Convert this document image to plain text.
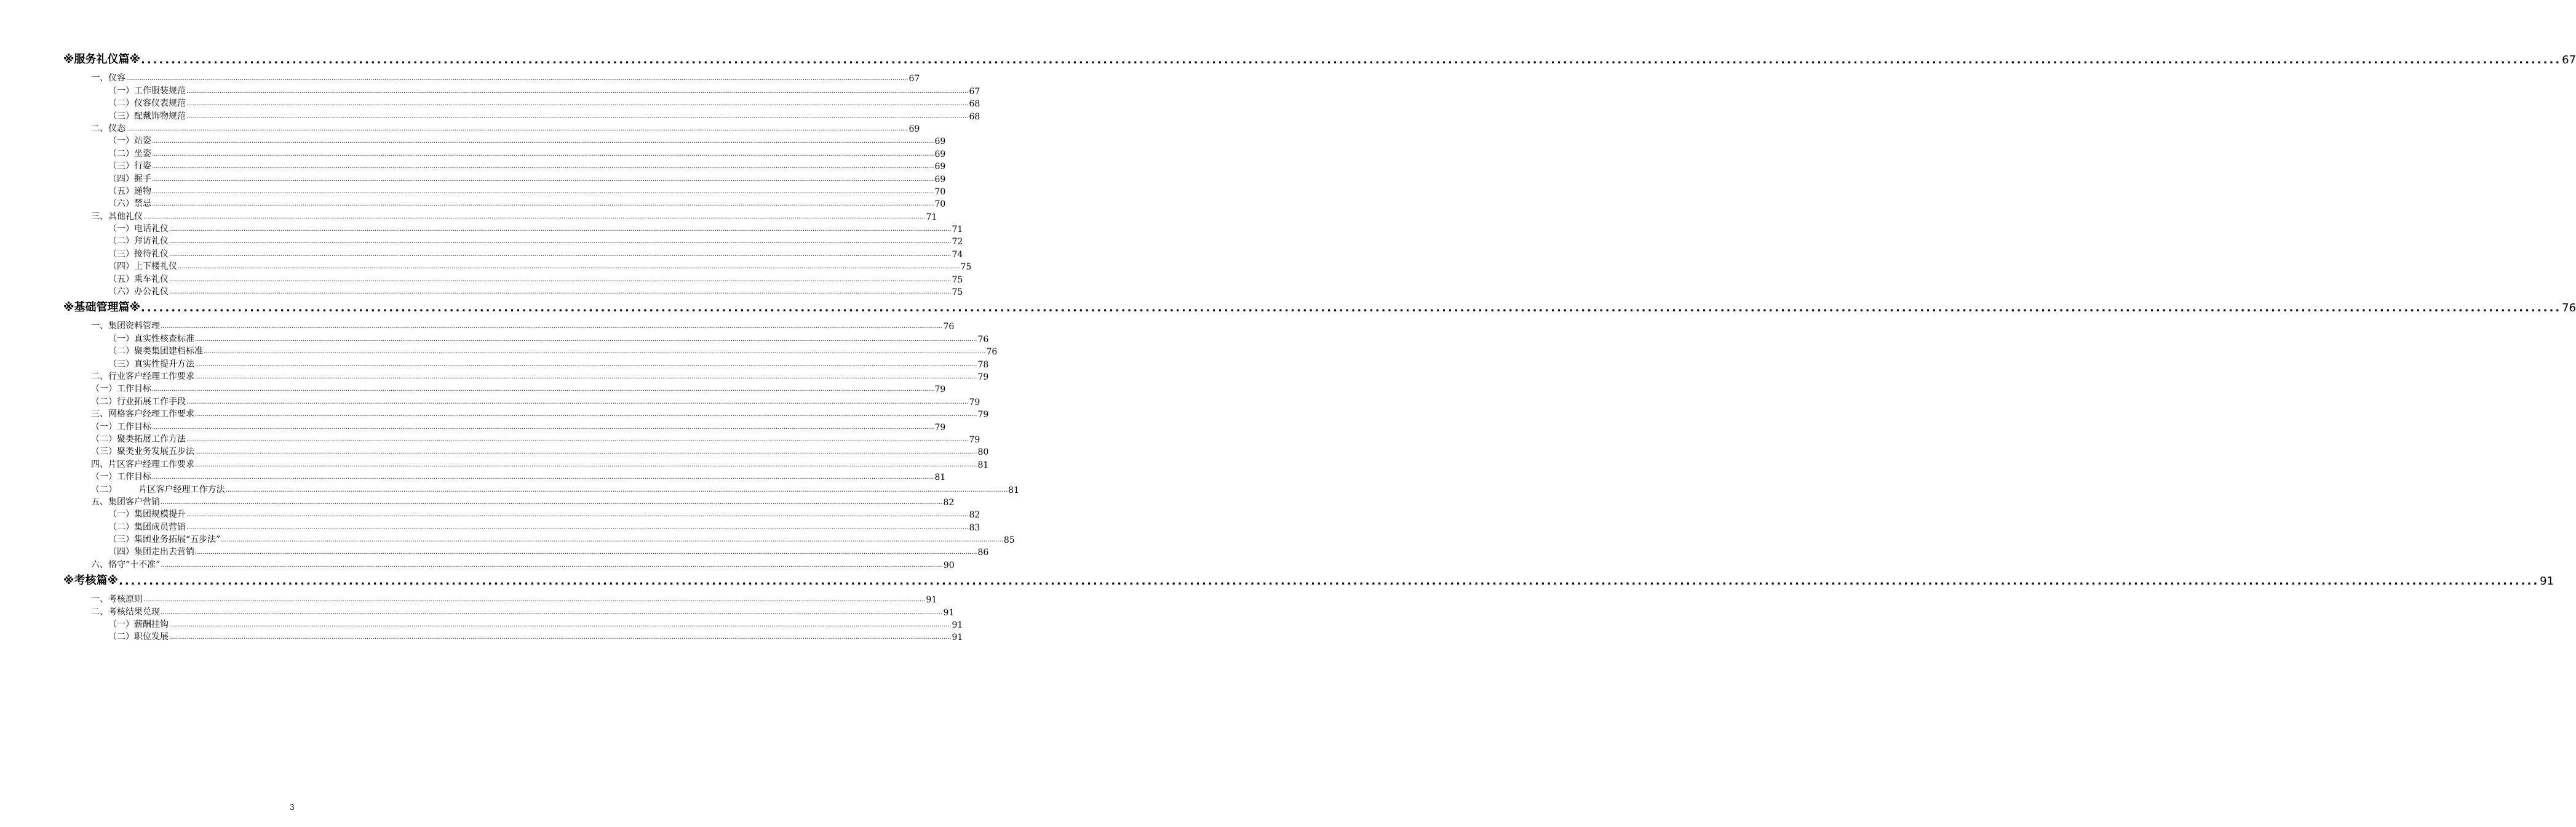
※服务礼仪篇※ ................................................................................................................................................................................................................................................................................................................................................................................................................ 67
一、仪容 ................................................................................................................................................................................................................................................................................................................................................................................................................ 67
（一）工作服装规范 ................................................................................................................................................................................................................................................................................................................................................................................................................ 67
（二）仪容仪表规范 ................................................................................................................................................................................................................................................................................................................................................................................................................ 68
（三）配戴饰物规范 ................................................................................................................................................................................................................................................................................................................................................................................................................ 68
二、仪态 ................................................................................................................................................................................................................................................................................................................................................................................................................ 69
（一）站姿 ................................................................................................................................................................................................................................................................................................................................................................................................................ 69
（二）坐姿 ................................................................................................................................................................................................................................................................................................................................................................................................................ 69
（三）行姿 ................................................................................................................................................................................................................................................................................................................................................................................................................ 69
（四）握手 ................................................................................................................................................................................................................................................................................................................................................................................................................ 69
（五）递物 ................................................................................................................................................................................................................................................................................................................................................................................................................ 70
（六）禁忌 ................................................................................................................................................................................................................................................................................................................................................................................................................ 70
三、其他礼仪 ................................................................................................................................................................................................................................................................................................................................................................................................................ 71
（一）电话礼仪 ................................................................................................................................................................................................................................................................................................................................................................................................................ 71
（二）拜访礼仪 ................................................................................................................................................................................................................................................................................................................................................................................................................ 72
（三）接待礼仪 ................................................................................................................................................................................................................................................................................................................................................................................................................ 74
（四）上下楼礼仪 ................................................................................................................................................................................................................................................................................................................................................................................................................ 75
（五）乘车礼仪 ................................................................................................................................................................................................................................................................................................................................................................................................................ 75
（六）办公礼仪 ................................................................................................................................................................................................................................................................................................................................................................................................................ 75
※基础管理篇※ ................................................................................................................................................................................................................................................................................................................................................................................................................ 76
一、集团资料管理 ................................................................................................................................................................................................................................................................................................................................................................................................................ 76
（一）真实性核查标准 ................................................................................................................................................................................................................................................................................................................................................................................................................ 76
（二）聚类集团建档标准 ................................................................................................................................................................................................................................................................................................................................................................................................................ 76
（三）真实性提升方法 ................................................................................................................................................................................................................................................................................................................................................................................................................ 78
二、行业客户经理工作要求 ................................................................................................................................................................................................................................................................................................................................................................................................................ 79
（一）工作目标 ................................................................................................................................................................................................................................................................................................................................................................................................................ 79
（二）行业拓展工作手段 ................................................................................................................................................................................................................................................................................................................................................................................................................ 79
三、网格客户经理工作要求 ................................................................................................................................................................................................................................................................................................................................................................................................................ 79
（一）工作目标 ................................................................................................................................................................................................................................................................................................................................................................................................................ 79
（二）聚类拓展工作方法 ................................................................................................................................................................................................................................................................................................................................................................................................................ 79
（三）聚类业务发展五步法 ................................................................................................................................................................................................................................................................................................................................................................................................................ 80
四、片区客户经理工作要求 ................................................................................................................................................................................................................................................................................................................................................................................................................ 81
（一）工作目标 ................................................................................................................................................................................................................................................................................................................................................................................................................ 81
（二）        片区客户经理工作方法 ................................................................................................................................................................................................................................................................................................................................................................................................................ 81
五、集团客户营销 ................................................................................................................................................................................................................................................................................................................................................................................................................ 82
（一）集团规模提升 ................................................................................................................................................................................................................................................................................................................................................................................................................ 82
（二）集团成员营销 ................................................................................................................................................................................................................................................................................................................................................................................................................ 83
（三）集团业务拓展“五步法” ................................................................................................................................................................................................................................................................................................................................................................................................................ 85
（四）集团走出去营销 ................................................................................................................................................................................................................................................................................................................................................................................................................ 86
六、恪守“十不准” ................................................................................................................................................................................................................................................................................................................................................................................................................ 90
※考核篇※ ................................................................................................................................................................................................................................................................................................................................................................................................................ 91
一、考核原则 ................................................................................................................................................................................................................................................................................................................................................................................................................ 91
二、考核结果兑现 ................................................................................................................................................................................................................................................................................................................................................................................................................ 91
（一）薪酬挂钩 ................................................................................................................................................................................................................................................................................................................................................................................................................ 91
（二）职位发展 ................................................................................................................................................................................................................................................................................................................................................................................................................ 91
3
